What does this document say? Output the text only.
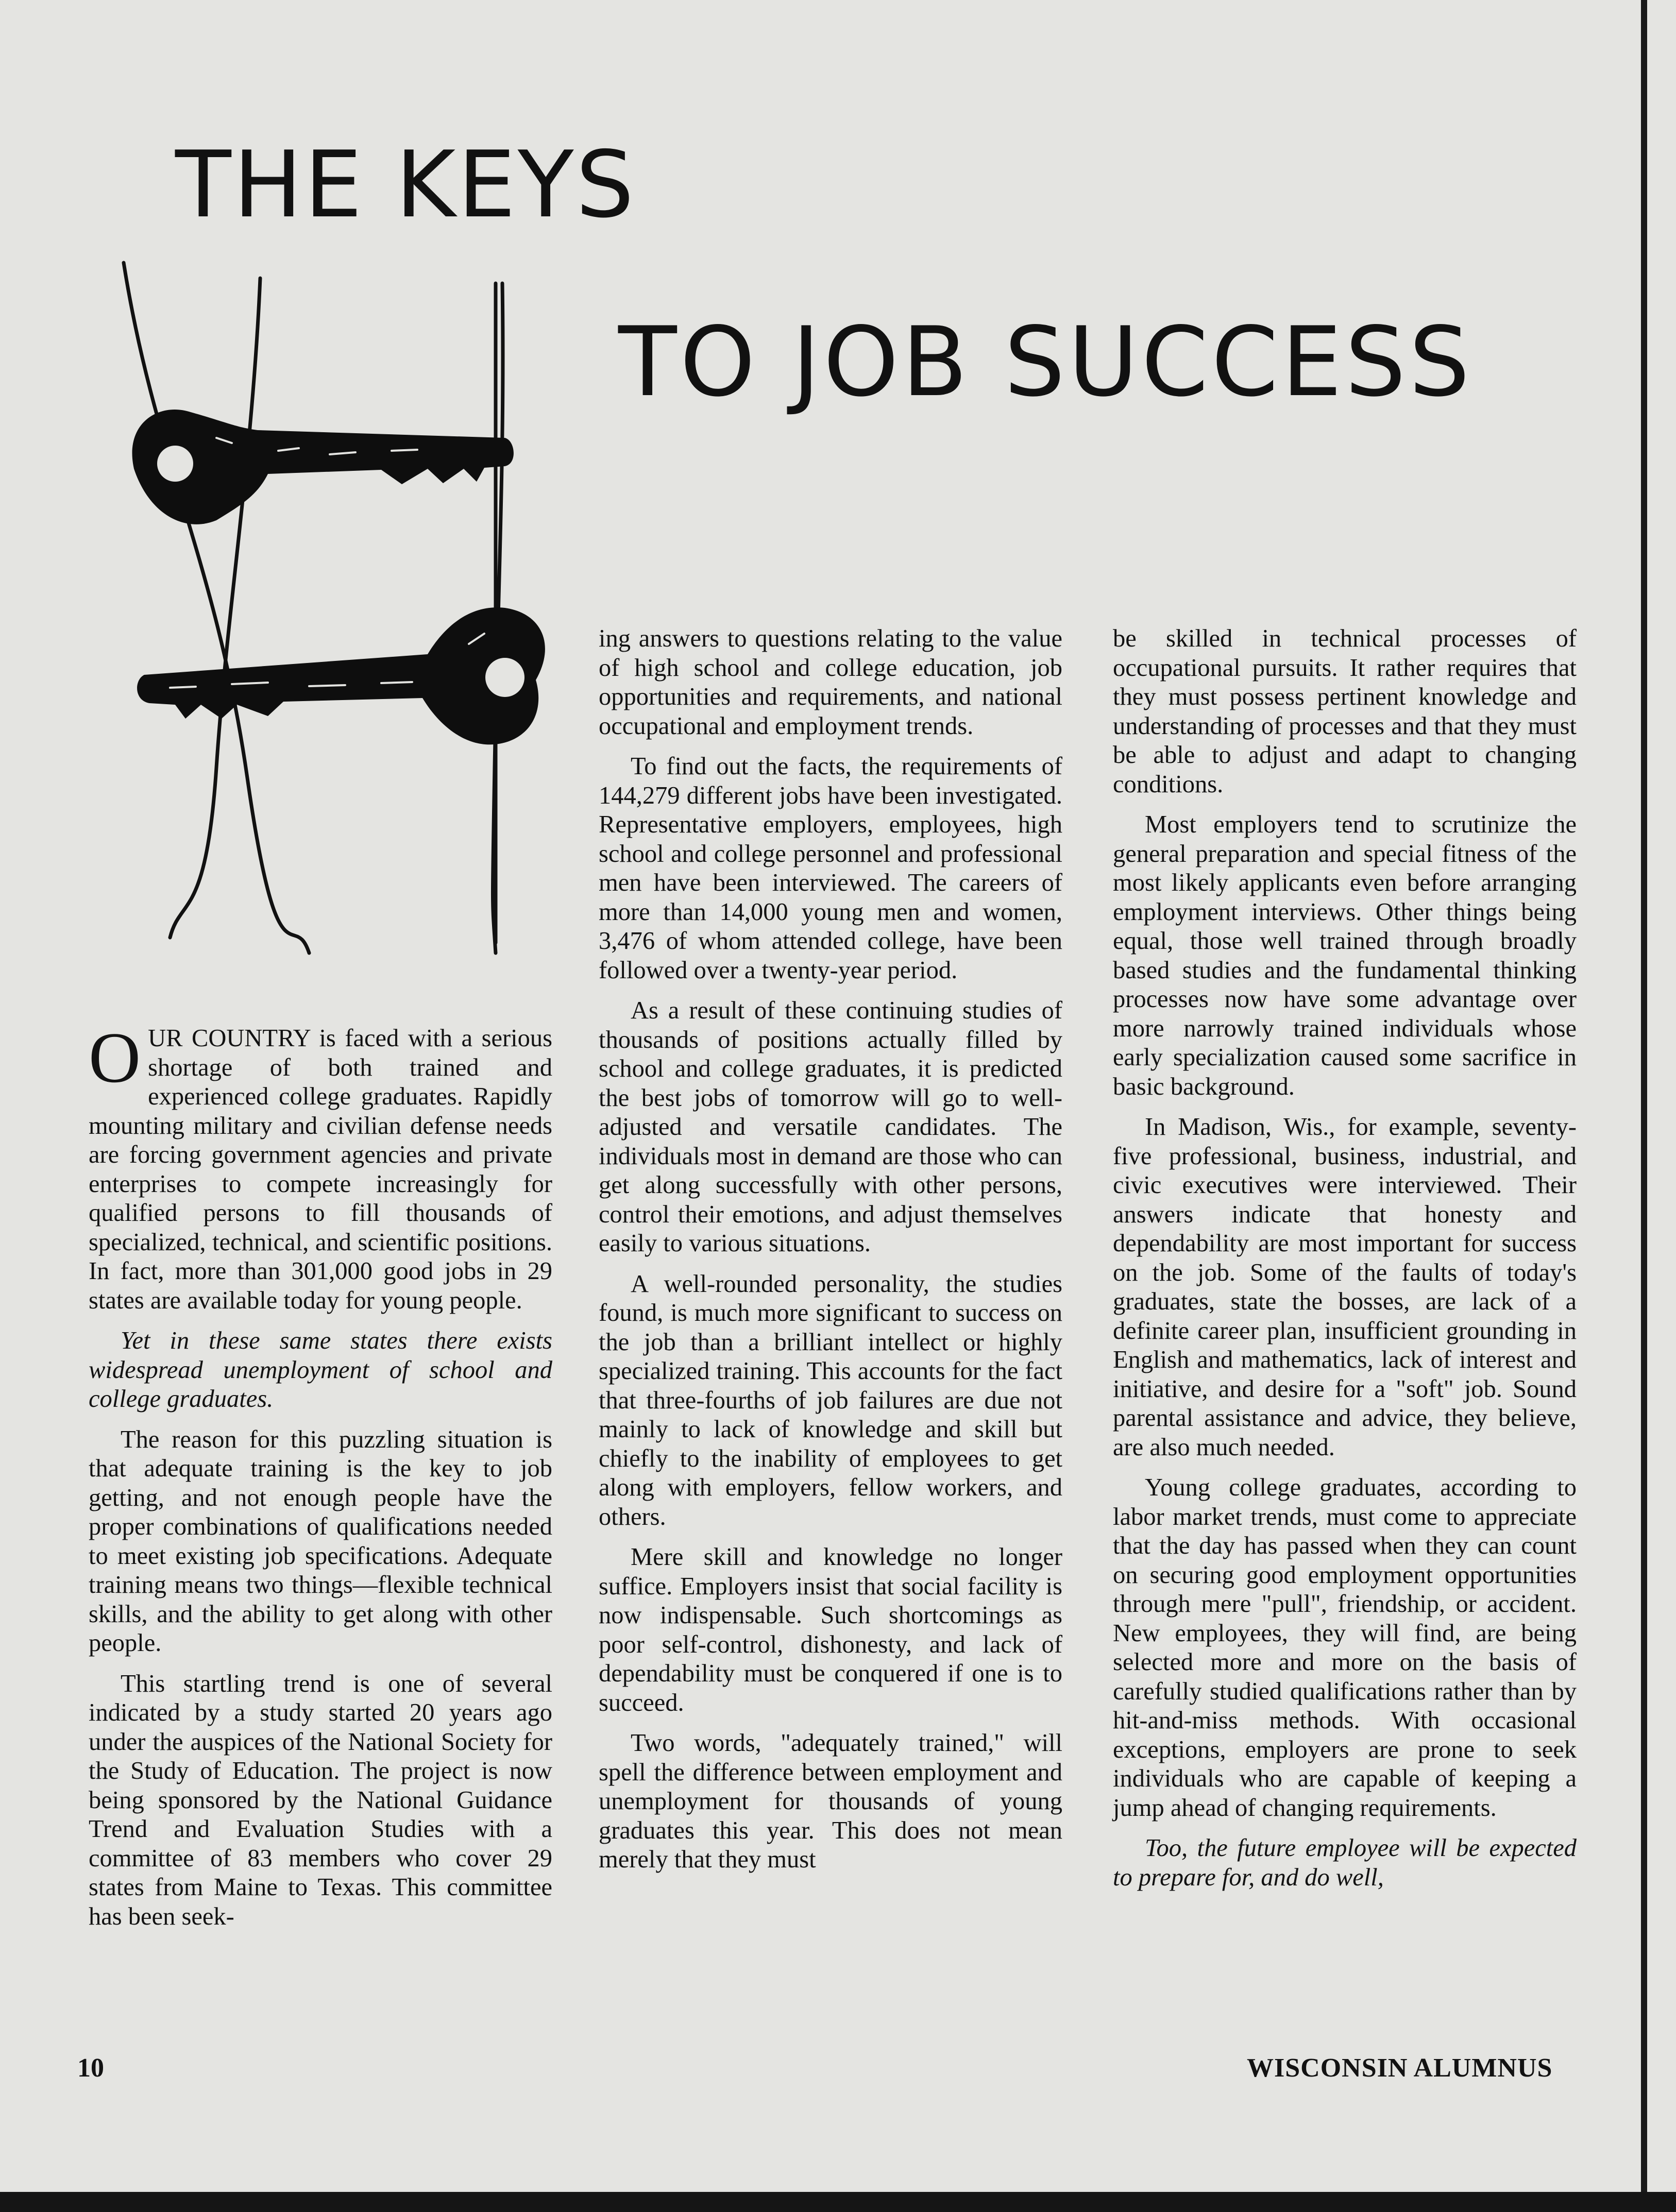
THE KEYS
TO JOB SUCCESS

OUR COUNTRY is faced with a serious shortage of both trained and experienced college graduates. Rapidly mounting military and civilian defense needs are forcing government agencies and private enterprises to compete increasingly for qualified persons to fill thousands of specialized, technical, and scientific positions. In fact, more than 301,000 good jobs in 29 states are available today for young people.

Yet in these same states there exists widespread unemployment of school and college graduates.

The reason for this puzzling situation is that adequate training is the key to job getting, and not enough people have the proper combinations of qualifications needed to meet existing job specifications. Adequate training means two things—flexible technical skills, and the ability to get along with other people.

This startling trend is one of several indicated by a study started 20 years ago under the auspices of the National Society for the Study of Education. The project is now being sponsored by the National Guidance Trend and Evaluation Studies with a committee of 83 members who cover 29 states from Maine to Texas. This committee has been seek-

ing answers to questions relating to the value of high school and college education, job opportunities and requirements, and national occupational and employment trends.

To find out the facts, the requirements of 144,279 different jobs have been investigated. Representative employers, employees, high school and college personnel and professional men have been interviewed. The careers of more than 14,000 young men and women, 3,476 of whom attended college, have been followed over a twenty-year period.

As a result of these continuing studies of thousands of positions actually filled by school and college graduates, it is predicted the best jobs of tomorrow will go to well-adjusted and versatile candidates. The individuals most in demand are those who can get along successfully with other persons, control their emotions, and adjust themselves easily to various situations.

A well-rounded personality, the studies found, is much more significant to success on the job than a brilliant intellect or highly specialized training. This accounts for the fact that three-fourths of job failures are due not mainly to lack of knowledge and skill but chiefly to the inability of employees to get along with employers, fellow workers, and others.

Mere skill and knowledge no longer suffice. Employers insist that social facility is now indispensable. Such shortcomings as poor self-control, dishonesty, and lack of dependability must be conquered if one is to succeed.

Two words, "adequately trained," will spell the difference between employment and unemployment for thousands of young graduates this year. This does not mean merely that they must

be skilled in technical processes of occupational pursuits. It rather requires that they must possess pertinent knowledge and understanding of processes and that they must be able to adjust and adapt to changing conditions.

Most employers tend to scrutinize the general preparation and special fitness of the most likely applicants even before arranging employment interviews. Other things being equal, those well trained through broadly based studies and the fundamental thinking processes now have some advantage over more narrowly trained individuals whose early specialization caused some sacrifice in basic background.

In Madison, Wis., for example, seventy-five professional, business, industrial, and civic executives were interviewed. Their answers indicate that honesty and dependability are most important for success on the job. Some of the faults of today's graduates, state the bosses, are lack of a definite career plan, insufficient grounding in English and mathematics, lack of interest and initiative, and desire for a "soft" job. Sound parental assistance and advice, they believe, are also much needed.

Young college graduates, according to labor market trends, must come to appreciate that the day has passed when they can count on securing good employment opportunities through mere "pull", friendship, or accident. New employees, they will find, are being selected more and more on the basis of carefully studied qualifications rather than by hit-and-miss methods. With occasional exceptions, employers are prone to seek individuals who are capable of keeping a jump ahead of changing requirements.

Too, the future employee will be expected to prepare for, and do well,

10	WISCONSIN ALUMNUS
